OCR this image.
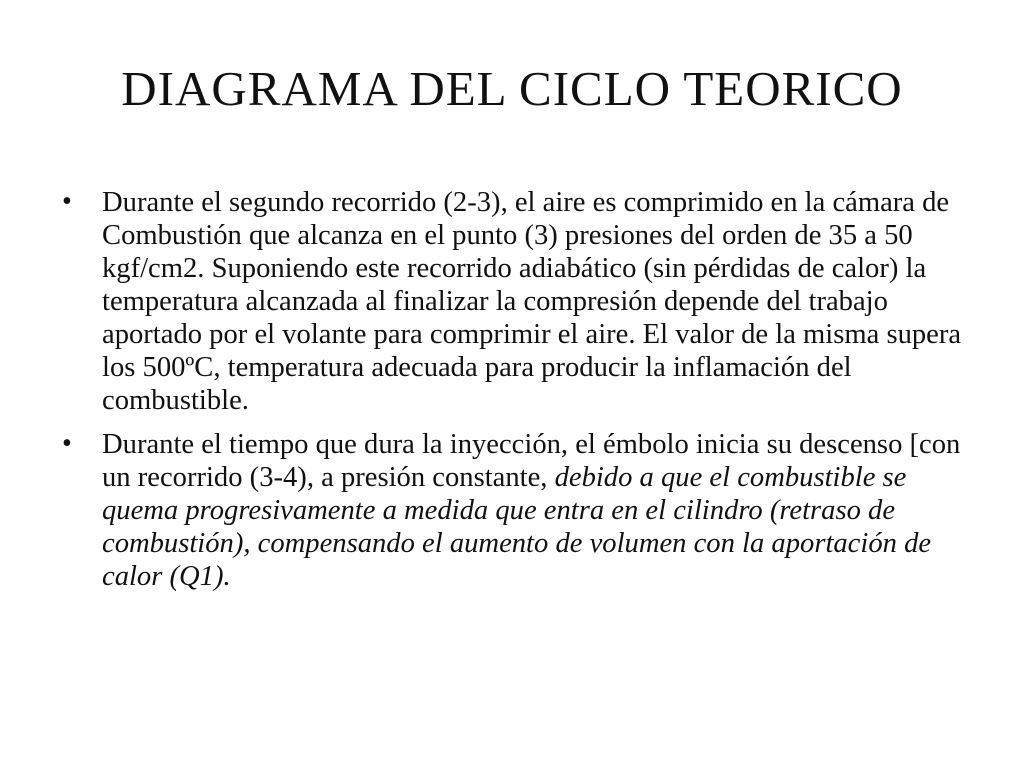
DIAGRAMA DEL CICLO TEORICO
•	Durante el segundo recorrido (2-3), el aire es comprimido en la cámara de Combustión que alcanza en el punto (3) presiones del orden de 35 a 50 kgf/cm2. Suponiendo este recorrido adiabático (sin pérdidas de calor) la temperatura alcanzada al finalizar la compresión depende del trabajo aportado por el volante para comprimir el aire. El valor de la misma supera los 500ºC, temperatura adecuada para producir la inflamación del combustible.
•	Durante el tiempo que dura la inyección, el émbolo inicia su descenso [con un recorrido (3-4), a presión constante, debido a que el combustible se quema progresivamente a medida que entra en el cilindro (retraso de combustión), compensando el aumento de volumen con la aportación de calor (Q1).
